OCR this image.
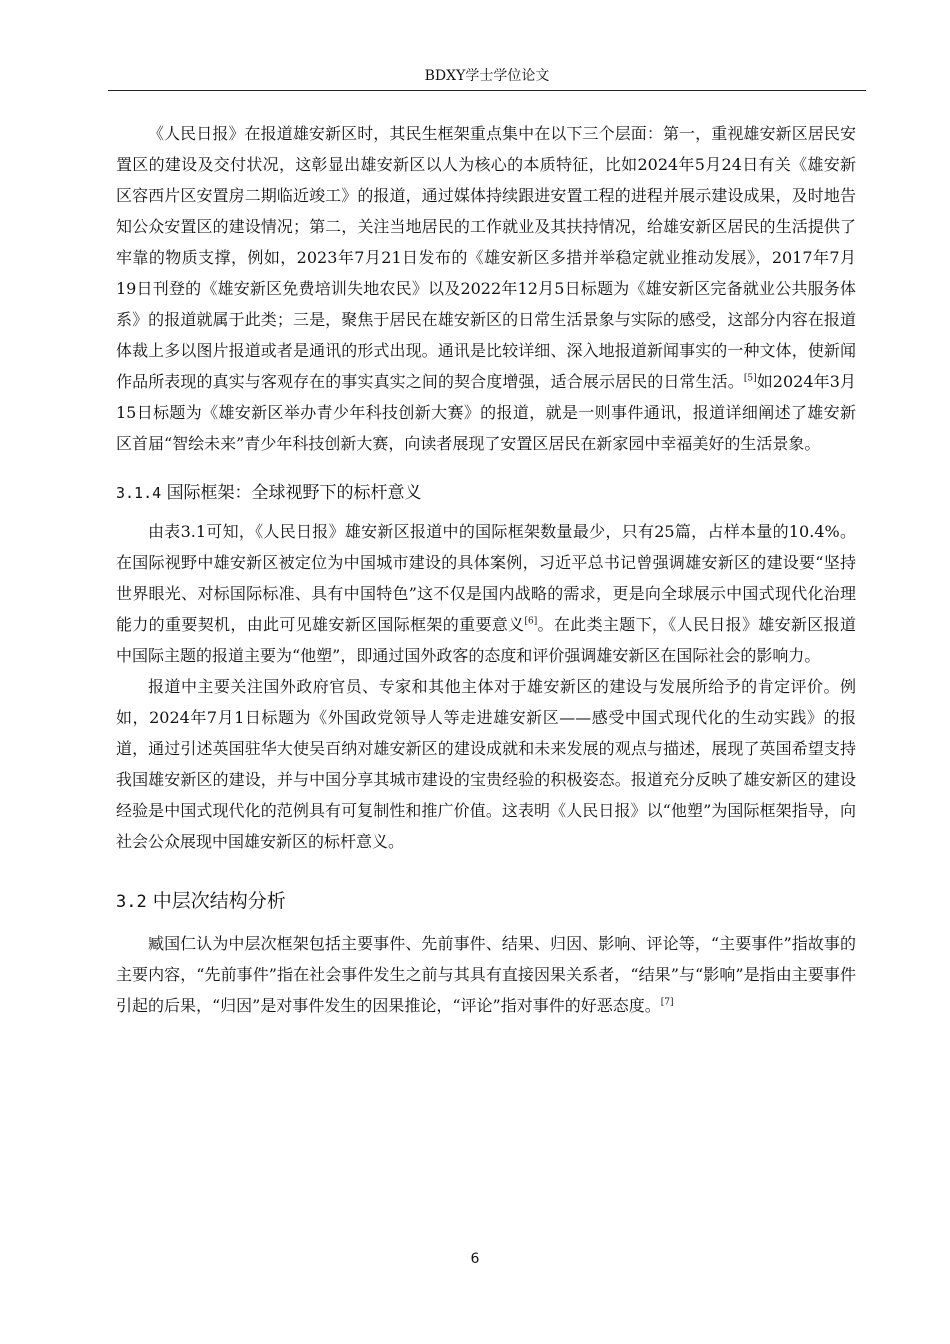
BDXY学士学位论文

《人民日报》在报道雄安新区时，其民生框架重点集中在以下三个层面：第一，重视雄安新区居民安置区的建设及交付状况，这彰显出雄安新区以人为核心的本质特征，比如2024年5月24日有关《雄安新区容西片区安置房二期临近竣工》的报道，通过媒体持续跟进安置工程的进程并展示建设成果，及时地告知公众安置区的建设情况；第二，关注当地居民的工作就业及其扶持情况，给雄安新区居民的生活提供了牢靠的物质支撑，例如，2023年7月21日发布的《雄安新区多措并举稳定就业推动发展》，2017年7月19日刊登的《雄安新区免费培训失地农民》以及2022年12月5日标题为《雄安新区完备就业公共服务体系》的报道就属于此类；三是，聚焦于居民在雄安新区的日常生活景象与实际的感受，这部分内容在报道体裁上多以图片报道或者是通讯的形式出现。通讯是比较详细、深入地报道新闻事实的一种文体，使新闻作品所表现的真实与客观存在的事实真实之间的契合度增强，适合展示居民的日常生活。[5]如2024年3月15日标题为《雄安新区举办青少年科技创新大赛》的报道，就是一则事件通讯，报道详细阐述了雄安新区首届“智绘未来”青少年科技创新大赛，向读者展现了安置区居民在新家园中幸福美好的生活景象。

3.1.4 国际框架：全球视野下的标杆意义

由表3.1可知，《人民日报》雄安新区报道中的国际框架数量最少，只有25篇，占样本量的10.4%。在国际视野中雄安新区被定位为中国城市建设的具体案例，习近平总书记曾强调雄安新区的建设要“坚持世界眼光、对标国际标准、具有中国特色”这不仅是国内战略的需求，更是向全球展示中国式现代化治理能力的重要契机，由此可见雄安新区国际框架的重要意义[6]。在此类主题下，《人民日报》雄安新区报道中国际主题的报道主要为“他塑”，即通过国外政客的态度和评价强调雄安新区在国际社会的影响力。

报道中主要关注国外政府官员、专家和其他主体对于雄安新区的建设与发展所给予的肯定评价。例如，2024年7月1日标题为《外国政党领导人等走进雄安新区——感受中国式现代化的生动实践》的报道，通过引述英国驻华大使吴百纳对雄安新区的建设成就和未来发展的观点与描述，展现了英国希望支持我国雄安新区的建设，并与中国分享其城市建设的宝贵经验的积极姿态。报道充分反映了雄安新区的建设经验是中国式现代化的范例具有可复制性和推广价值。这表明《人民日报》以“他塑”为国际框架指导，向社会公众展现中国雄安新区的标杆意义。

3.2 中层次结构分析

臧国仁认为中层次框架包括主要事件、先前事件、结果、归因、影响、评论等，“主要事件”指故事的主要内容，“先前事件”指在社会事件发生之前与其具有直接因果关系者，“结果”与“影响”是指由主要事件引起的后果，“归因”是对事件发生的因果推论，“评论”指对事件的好恶态度。[7]

6
